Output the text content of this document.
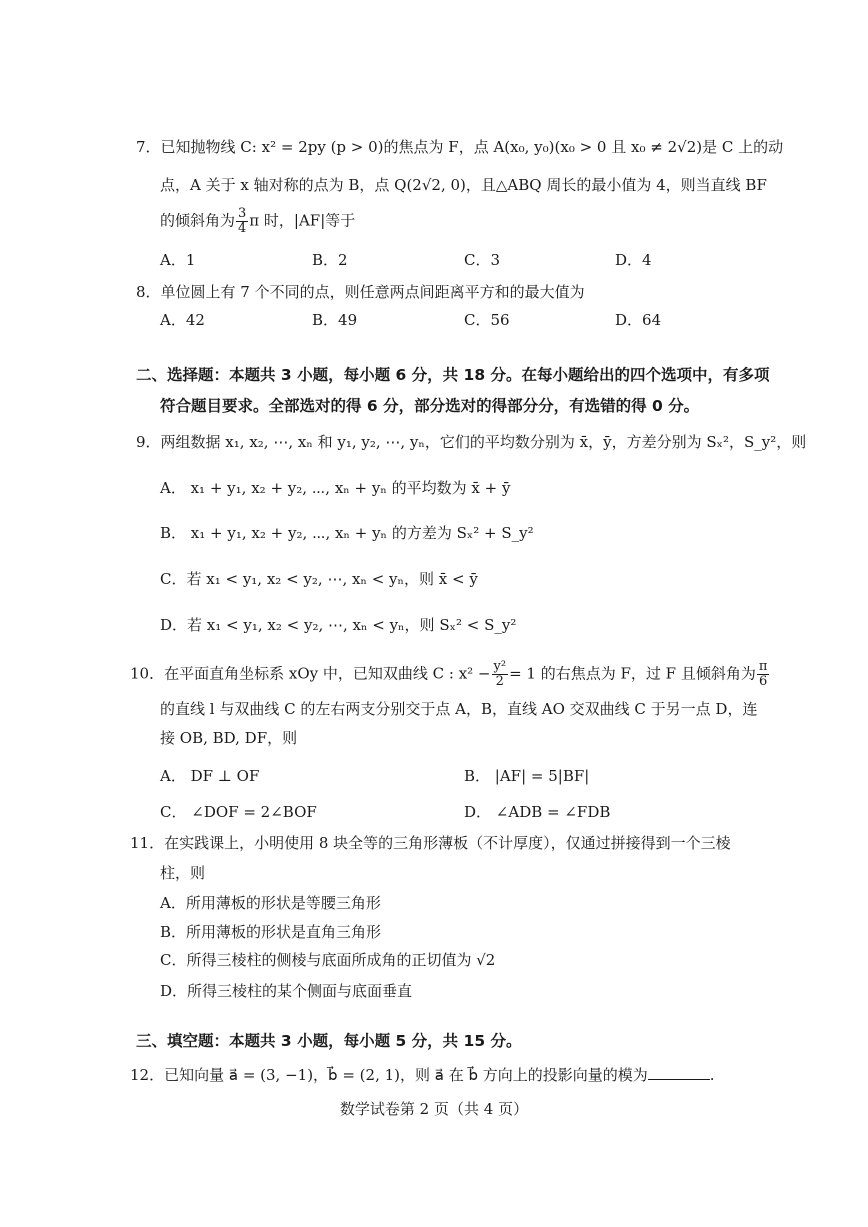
7．已知抛物线 C: x² = 2py (p > 0)的焦点为 F，点 A(x₀, y₀)(x₀ > 0 且 x₀ ≠ 2√2)是 C 上的动
点，A 关于 x 轴对称的点为 B，点 Q(2√2, 0)，且△ABQ 周长的最小值为 4，则当直线 BF
的倾斜角为 $\frac{3}{4}$ π 时，|AF|等于
A．1	B．2	C．3	D．4
8．单位圆上有 7 个不同的点，则任意两点间距离平方和的最大值为
A．42	B．49	C．56	D．64
二、选择题：本题共 3 小题，每小题 6 分，共 18 分。在每小题给出的四个选项中，有多项
符合题目要求。全部选对的得 6 分，部分选对的得部分分，有选错的得 0 分。
9．两组数据 x₁, x₂, ⋯, xₙ 和 y₁, y₂, ⋯, yₙ，它们的平均数分别为 x̄，ȳ，方差分别为 Sₓ²，S_y²，则
A． x₁ + y₁, x₂ + y₂, ⋯, xₙ + yₙ 的平均数为 x̄ + ȳ
B． x₁ + y₁, x₂ + y₂, ⋯, xₙ + yₙ 的方差为 Sₓ² + S_y²
C．若 x₁ < y₁, x₂ < y₂, ⋯, xₙ < yₙ，则 x̄ < ȳ
D．若 x₁ < y₁, x₂ < y₂, ⋯, xₙ < yₙ，则 Sₓ² < S_y²
10．在平面直角坐标系 xOy 中，已知双曲线 C : $x^2 - \frac{\text{y²}}{2} = 1$ 的右焦点为 F，过 F 且倾斜角为 $\frac{\pi}{6}$
的直线 l 与双曲线 C 的左右两支分别交于点 A，B，直线 AO 交双曲线 C 于另一点 D，连
接 OB, BD, DF，则
A． DF ⊥ OF	B． |AF| = 5|BF|
C． ∠DOF = 2∠BOF	D． ∠ADB = ∠FDB
11．在实践课上，小明使用 8 块全等的三角形薄板（不计厚度），仅通过拼接得到一个三棱
柱，则
A．所用薄板的形状是等腰三角形
B．所用薄板的形状是直角三角形
C．所得三棱柱的侧棱与底面所成角的正切值为 √2
D．所得三棱柱的某个侧面与底面垂直
三、填空题：本题共 3 小题，每小题 5 分，共 15 分。
12．已知向量 a⃗ = (3, −1)，b⃗ = (2, 1)，则 a⃗ 在 b⃗ 方向上的投影向量的模为	.
数学试卷第 2 页（共 4 页）
